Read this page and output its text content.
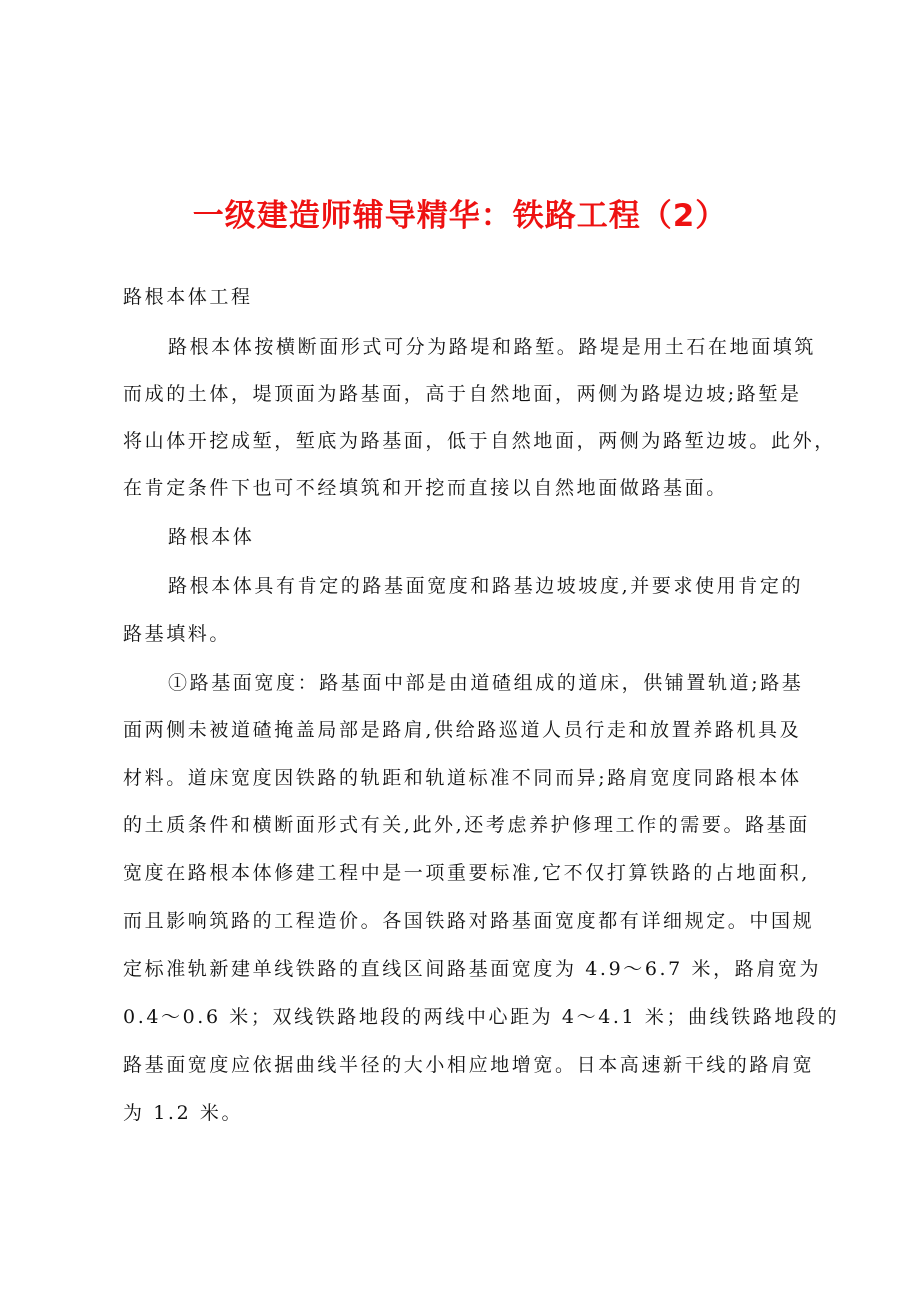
一级建造师辅导精华：铁路工程（2）
路根本体工程
路根本体按横断面形式可分为路堤和路堑。路堤是用土石在地面填筑
而成的土体，堤顶面为路基面，高于自然地面，两侧为路堤边坡;路堑是
将山体开挖成堑，堑底为路基面，低于自然地面，两侧为路堑边坡。此外，
在肯定条件下也可不经填筑和开挖而直接以自然地面做路基面。
路根本体
路根本体具有肯定的路基面宽度和路基边坡坡度,并要求使用肯定的
路基填料。
①路基面宽度：路基面中部是由道碴组成的道床，供铺置轨道;路基
面两侧未被道碴掩盖局部是路肩,供给路巡道人员行走和放置养路机具及
材料。道床宽度因铁路的轨距和轨道标准不同而异;路肩宽度同路根本体
的土质条件和横断面形式有关,此外,还考虑养护修理工作的需要。路基面
宽度在路根本体修建工程中是一项重要标准,它不仅打算铁路的占地面积,
而且影响筑路的工程造价。各国铁路对路基面宽度都有详细规定。中国规
定标准轨新建单线铁路的直线区间路基面宽度为 4.9～6.7 米，路肩宽为
0.4～0.6 米；双线铁路地段的两线中心距为 4～4.1 米；曲线铁路地段的
路基面宽度应依据曲线半径的大小相应地增宽。日本高速新干线的路肩宽
为 1.2 米。
